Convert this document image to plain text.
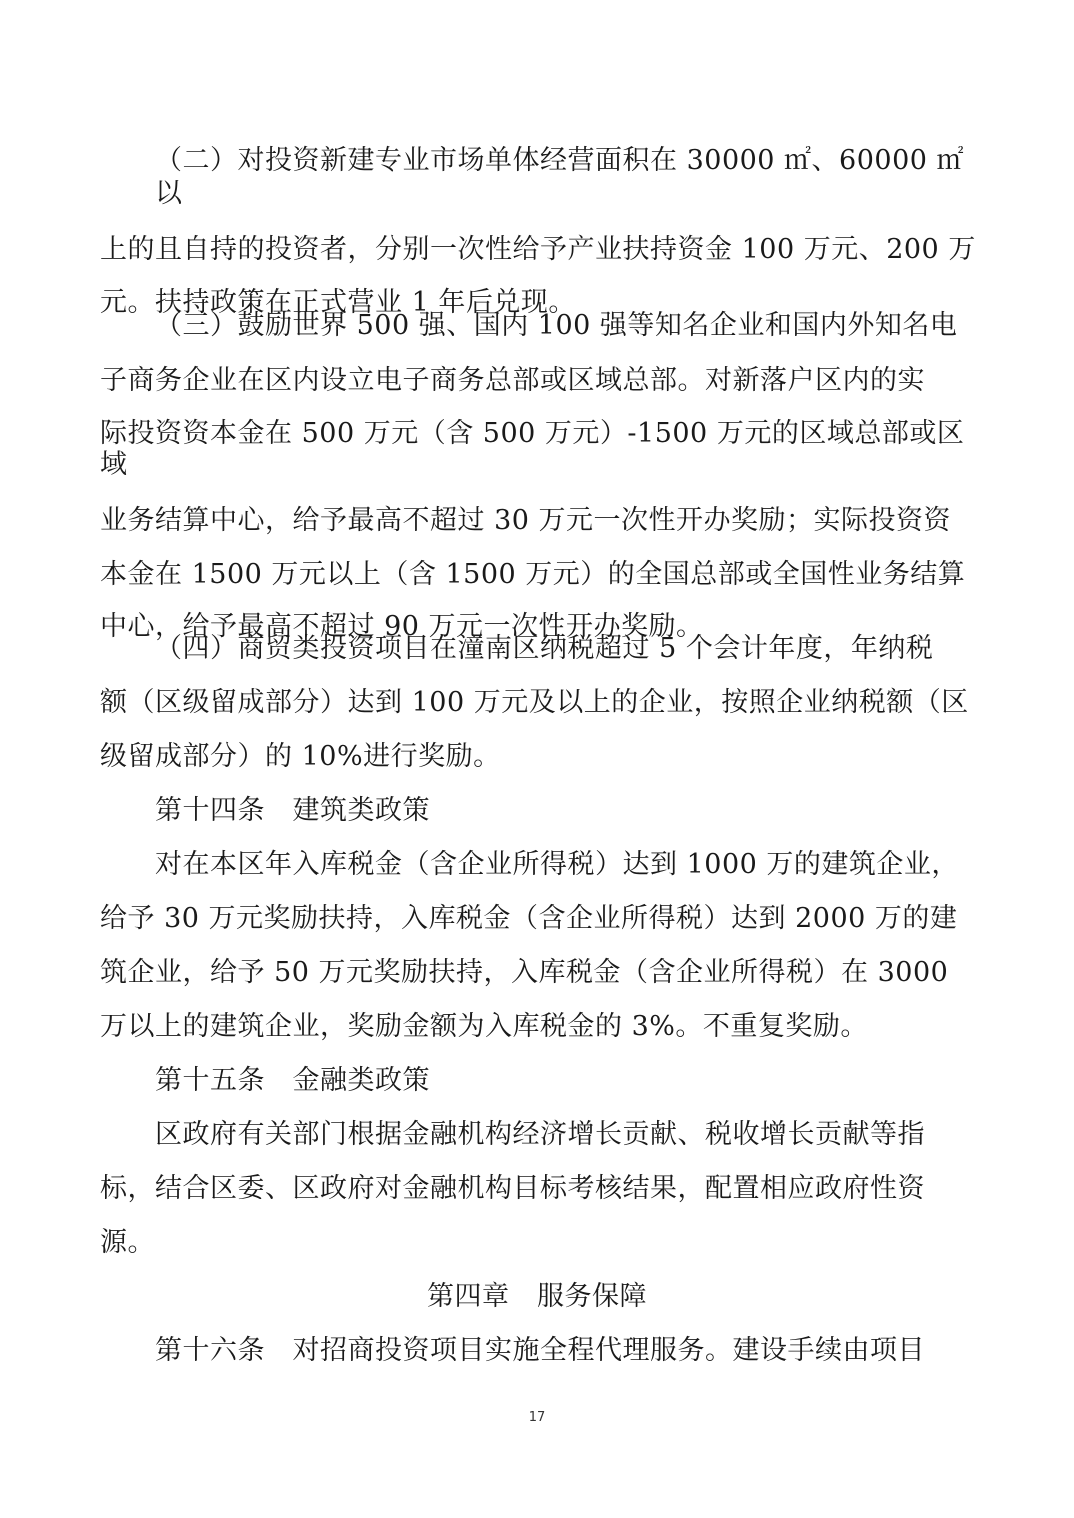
（二）对投资新建专业市场单体经营面积在 30000 ㎡、60000 ㎡
以
上的且自持的投资者，分别一次性给予产业扶持资金 100 万元、200 万
元。扶持政策在正式营业 1 年后兑现。
（三）鼓励世界 500 强、国内 100 强等知名企业和国内外知名电
子商务企业在区内设立电子商务总部或区域总部。对新落户区内的实
际投资资本金在 500 万元（含 500 万元）-1500 万元的区域总部或区
域
业务结算中心，给予最高不超过 30 万元一次性开办奖励；实际投资资
本金在 1500 万元以上（含 1500 万元）的全国总部或全国性业务结算
中心，给予最高不超过 90 万元一次性开办奖励。
（四）商贸类投资项目在潼南区纳税超过 5 个会计年度，年纳税
额（区级留成部分）达到 100 万元及以上的企业，按照企业纳税额（区
级留成部分）的 10%进行奖励。
第十四条　建筑类政策
对在本区年入库税金（含企业所得税）达到 1000 万的建筑企业，
给予 30 万元奖励扶持，入库税金（含企业所得税）达到 2000 万的建
筑企业，给予 50 万元奖励扶持，入库税金（含企业所得税）在 3000
万以上的建筑企业，奖励金额为入库税金的 3%。不重复奖励。
第十五条　金融类政策
区政府有关部门根据金融机构经济增长贡献、税收增长贡献等指
标，结合区委、区政府对金融机构目标考核结果，配置相应政府性资
源。
第四章　服务保障
第十六条　对招商投资项目实施全程代理服务。建设手续由项目
17
